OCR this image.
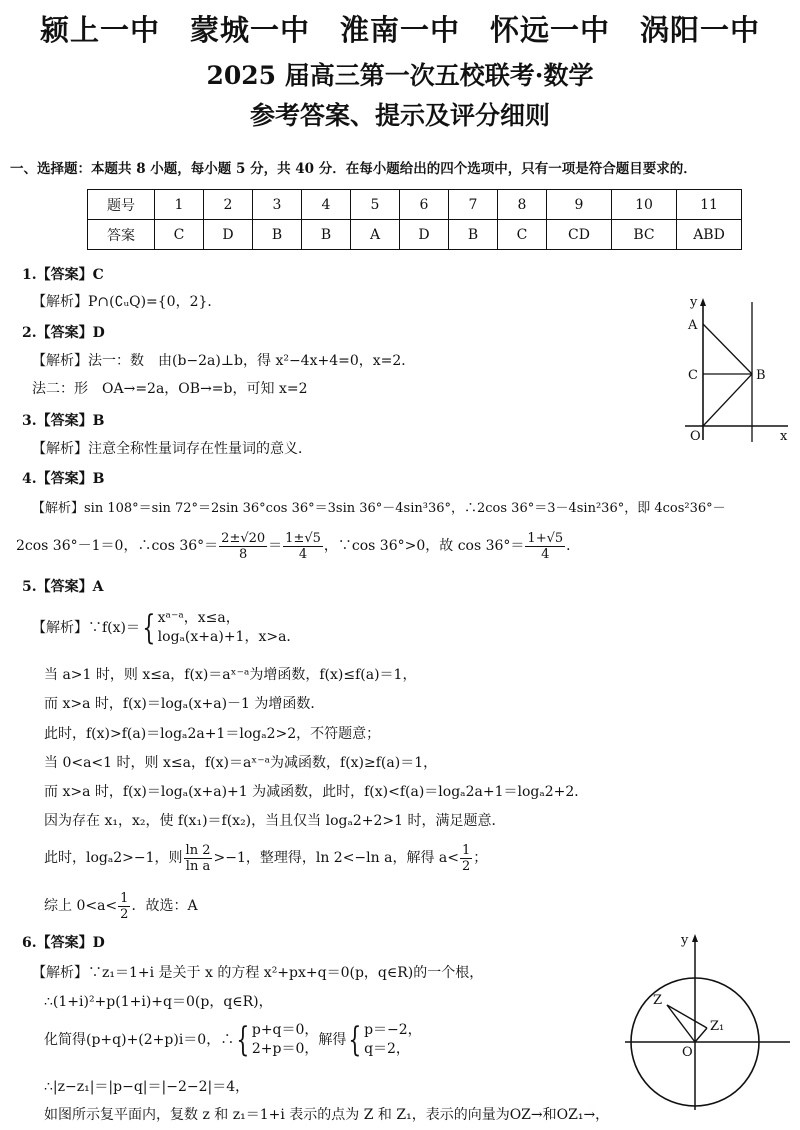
颍上一中　蒙城一中　淮南一中　怀远一中　涡阳一中
2025 届高三第一次五校联考·数学
参考答案、提示及评分细则
一、选择题：本题共 8 小题，每小题 5 分，共 40 分．在每小题给出的四个选项中，只有一项是符合题目要求的．
题号	1	2	3	4	5	6	7	8	9	10	11
答案	C	D	B	B	A	D	B	C	CD	BC	ABD
1.【答案】C
【解析】P∩(∁ᵤQ)={0，2}．
2.【答案】D
【解析】法一：数　由(b−2a)⊥b，得 x²−4x+4=0，x=2．
法二：形　OA→=2a，OB→=b，可知 x=2
y
A
C	B
O	x
3.【答案】B
【解析】注意全称性量词存在性量词的意义．
4.【答案】B
【解析】sin 108°＝sin 72°＝2sin 36°cos 36°＝3sin 36°－4sin³36°，∴2cos 36°＝3－4sin²36°，即 4cos²36°－
2cos 36°－1＝0，∴cos $36^\circ= \frac{2\pm√20}{8} = \frac{1\pm√5}{4}$ ，∵cos 36°>0，故 $\cos 36^\circ= \frac{1+√5}{4}$ ．
5.【答案】A
【解析】∵f(x)＝{ xᵃ⁻ᵃ，x≤a，
logₐ(x+a)+1，x>a．
当 a>1 时，则 x≤a，f(x)＝aˣ⁻ᵃ为增函数，f(x)≤f(a)＝1，
而 x>a 时，f(x)＝logₐ(x+a)－1 为增函数．
此时，f(x)>f(a)＝logₐ2a+1＝logₐ2>2，不符题意；
当 0<a<1 时，则 x≤a，f(x)＝aˣ⁻ᵃ为减函数，f(x)≥f(a)＝1，
而 x>a 时，f(x)＝logₐ(x+a)+1 为减函数，此时，f(x)<f(a)＝logₐ2a+1＝logₐ2+2．
因为存在 x₁，x₂，使 f(x₁)＝f(x₂)，当且仅当 logₐ2+2>1 时，满足题意．
此时，logₐ2>−1，则 $\frac{\ln 2}{\text{ln a}} >-1$，整理得，ln 2<−ln a，解得 $a< \frac{1}{2}$ ；
综上 $0<a< \frac{1}{2}$ ．故选：A
6.【答案】D
【解析】∵z₁＝1+i 是关于 x 的方程 x²+px+q＝0(p，q∈R)的一个根，
∴(1+i)²+p(1+i)+q＝0(p，q∈R)，
化简得(p+q)+(2+p)i＝0，∴{ p+q＝0，
2+p＝0，
解得{ p＝−2，
q＝2，
∴|z−z₁|＝|p−q|＝|−2−2|＝4，
如图所示复平面内，复数 z 和 z₁＝1+i 表示的点为 Z 和 Z₁，表示的向量为OZ→和OZ₁→，
y
Z
Z₁
O
